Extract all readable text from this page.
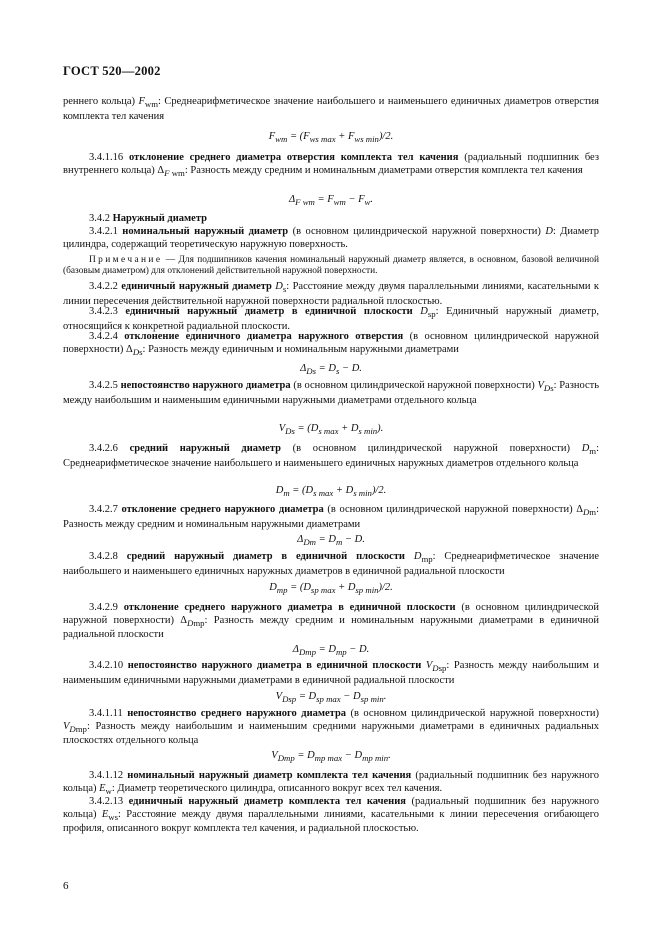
ГОСТ 520—2002
реннего кольца) $F_{wm}$: Среднеарифметическое значение наибольшего и наименьшего единичных диаметров отверстия комплекта тел качения
$F_{wm} = (F_{ws max} + F_{ws min})/2$.
3.4.1.16 отклонение среднего диаметра отверстия комплекта тел качения (радиальный подшипник без внутреннего кольца) $\Delta_{F wm}$: Разность между средним и номинальным диаметрами отверстия комплекта тел качения
$\Delta_{F wm} = F_{wm} - F_w$.
3.4.2 Наружный диаметр
3.4.2.1 номинальный наружный диаметр (в основном цилиндрической наружной поверхности) D: Диаметр цилиндра, содержащий теоретическую наружную поверхность.
Примечание — Для подшипников качения номинальный наружный диаметр является, в основном, базовой величиной (базовым диаметром) для отклонений действительной наружной поверхности.
3.4.2.2 единичный наружный диаметр $D_s$: Расстояние между двумя параллельными линиями, касательными к линии пересечения действительной наружной поверхности радиальной плоскостью.
3.4.2.3 единичный наружный диаметр в единичной плоскости $D_{sp}$: Единичный наружный диаметр, относящийся к конкретной радиальной плоскости.
3.4.2.4 отклонение единичного диаметра наружного отверстия (в основном цилиндрической наружной поверхности) $\Delta_{Ds}$: Разность между единичным и номинальным наружными диаметрами
$\Delta_{Ds} = D_s - D$.
3.4.2.5 непостоянство наружного диаметра (в основном цилиндрической наружной поверхности) $V_{Ds}$: Разность между наибольшим и наименьшим единичными наружными диаметрами отдельного кольца
$V_{Ds} = (D_{s max} + D_{s min})$.
3.4.2.6 средний наружный диаметр (в основном цилиндрической наружной поверхности) $D_m$: Среднеарифметическое значение наибольшего и наименьшего единичных наружных диаметров отдельного кольца
$D_m = (D_{s max} + D_{s min})/2$.
3.4.2.7 отклонение среднего наружного диаметра (в основном цилиндрической наружной поверхности) $\Delta_{Dm}$: Разность между средним и номинальным наружными диаметрами
$\Delta_{Dm} = D_m - D$.
3.4.2.8 средний наружный диаметр в единичной плоскости $D_{mp}$: Среднеарифметическое значение наибольшего и наименьшего единичных наружных диаметров в единичной радиальной плоскости
$D_{mp} = (D_{sp max} + D_{sp min})/2$.
3.4.2.9 отклонение среднего наружного диаметра в единичной плоскости (в основном цилиндрической наружной поверхности) $\Delta_{Dmp}$: Разность между средним и номинальным наружными диаметрами в единичной радиальной плоскости
$\Delta_{Dmp} = D_{mp} - D$.
3.4.2.10 непостоянство наружного диаметра в единичной плоскости $V_{Dsp}$: Разность между наибольшим и наименьшим единичными наружными диаметрами в единичной радиальной плоскости
$V_{Dsp} = D_{sp max} - D_{sp min}$.
3.4.1.11 непостоянство среднего наружного диаметра (в основном цилиндрической наружной поверхности) $V_{Dmp}$: Разность между наибольшим и наименьшим средними наружными диаметрами в единичных радиальных плоскостях отдельного кольца
$V_{Dmp} = D_{mp max} - D_{mp min}$.
3.4.1.12 номинальный наружный диаметр комплекта тел качения (радиальный подшипник без наружного кольца) $E_w$: Диаметр теоретического цилиндра, описанного вокруг всех тел качения.
3.4.2.13 единичный наружный диаметр комплекта тел качения (радиальный подшипник без наружного кольца) $E_{ws}$: Расстояние между двумя параллельными линиями, касательными к линии пересечения огибающего профиля, описанного вокруг комплекта тел качения, и радиальной плоскостью.
6
